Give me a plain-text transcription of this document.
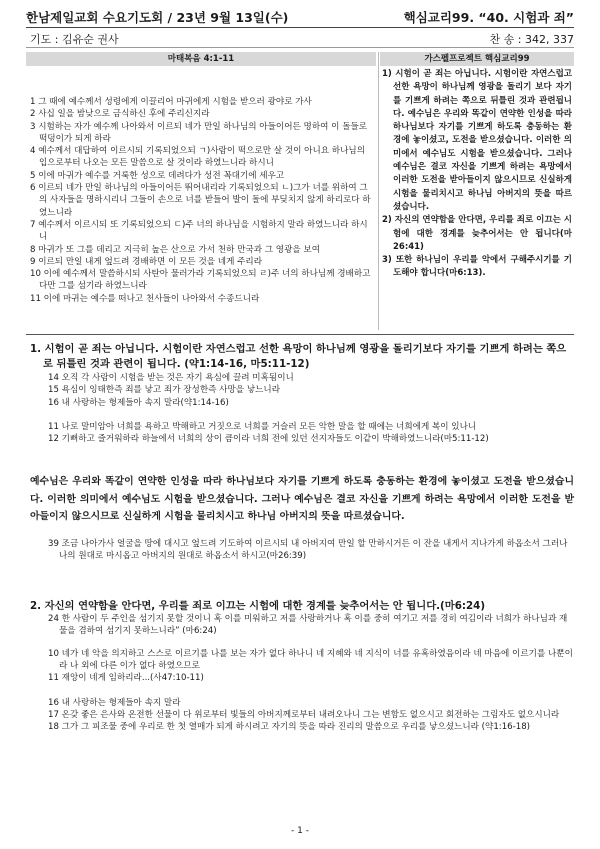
한남제일교회 수요기도회 / 23년 9월 13일(수)	핵심교리99. “40. 시험과 죄”
기도 : 김유순 권사	찬 송 : 342, 337
마태복음 4:1-11	가스펠프로젝트 핵심교리99
1 그 때에 예수께서 성령에게 이끌리어 마귀에게 시험을 받으러 광야로 가사
2 사십 일을 밤낮으로 금식하신 후에 주리신지라
3 시험하는 자가 예수께 나아와서 이르되 네가 만일 하나님의 아들이어든 명하여 이 돌들로 떡덩이가 되게 하라
4 예수께서 대답하여 이르시되 기록되었으되 ㄱ)사람이 떡으로만 살 것이 아니요 하나님의 입으로부터 나오는 모든 말씀으로 살 것이라 하였느니라 하시니
5 이에 마귀가 예수를 거룩한 성으로 데려다가 성전 꼭대기에 세우고
6 이르되 네가 만일 하나님의 아들이어든 뛰어내리라 기록되었으되 ㄴ)그가 너를 위하여 그의 사자들을 명하시리니 그들이 손으로 너를 받들어 발이 돌에 부딪치지 않게 하리로다 하였느니라
7 예수께서 이르시되 또 기록되었으되 ㄷ)주 너의 하나님을 시험하지 말라 하였느니라 하시니
8 마귀가 또 그를 데리고 지극히 높은 산으로 가서 천하 만국과 그 영광을 보여
9 이르되 만일 내게 엎드려 경배하면 이 모든 것을 네게 주리라
10 이에 예수께서 말씀하시되 사탄아 물러가라 기록되었으되 ㄹ)주 너의 하나님께 경배하고 다만 그를 섬기라 하였느니라
11 이에 마귀는 예수를 떠나고 천사들이 나아와서 수종드니라
1) 시험이 곧 죄는 아닙니다. 시험이란 자연스럽고 선한 욕망이 하나님께 영광을 돌리기 보다 자기를 기쁘게 하려는 쪽으로 뒤틀린 것과 관련됩니다. 예수님은 우리와 똑같이 연약한 인성을 따라 하나님보다 자기를 기쁘게 하도록 충동하는 환경에 놓이셨고, 도전을 받으셨습니다. 이러한 의미에서 예수님도 시험을 받으셨습니다. 그러나 예수님은 결코 자신을 기쁘게 하려는 욕망에서 이러한 도전을 받아들이지 않으시므로 신실하게 시험을 물리치시고 하나님 아버지의 뜻을 따르셨습니다.
2) 자신의 연약함을 안다면, 우리를 죄로 이끄는 시험에 대한 경계를 늦추어서는 안 됩니다(마 26:41)
3) 또한 하나님이 우리를 악에서 구해주시기를 기도해야 합니다(마6:13).
1. 시험이 곧 죄는 아닙니다. 시험이란 자연스럽고 선한 욕망이 하나님께 영광을 돌리기보다 자기를 기쁘게 하려는 쪽으로 뒤틀린 것과 관련이 됩니다. (약1:14-16, 마5:11-12)
14 오직 각 사람이 시험을 받는 것은 자기 욕심에 끌려 미혹됨이니
15 욕심이 잉태한즉 죄를 낳고 죄가 장성한즉 사망을 낳느니라
16 내 사랑하는 형제들아 속지 말라(약1:14-16)
11 나로 말미암아 너희를 욕하고 박해하고 거짓으로 너희를 거슬러 모든 악한 말을 할 때에는 너희에게 복이 있나니
12 기뻐하고 즐거워하라 하늘에서 너희의 상이 큼이라 너희 전에 있던 선지자들도 이같이 박해하였느니라(마5:11-12)
예수님은 우리와 똑같이 연약한 인성을 따라 하나님보다 자기를 기쁘게 하도록 충동하는 환경에 놓이셨고 도전을 받으셨습니다. 이러한 의미에서 예수님도 시험을 받으셨습니다. 그러나 예수님은 결코 자신을 기쁘게 하려는 욕망에서 이러한 도전을 받아들이지 않으시므로 신실하게 시험을 물리치시고 하나님 아버지의 뜻을 따르셨습니다.
39 조금 나아가사 얼굴을 땅에 대시고 엎드려 기도하여 이르시되 내 아버지여 만일 할 만하시거든 이 잔을 내게서 지나가게 하옵소서 그러나 나의 원대로 마시옵고 아버지의 원대로 하옵소서 하시고(마26:39)
2. 자신의 연약함을 안다면, 우리를 죄로 이끄는 시험에 대한 경계를 늦추어서는 안 됩니다.(마6:24)
24 한 사람이 두 주인을 섬기지 못할 것이니 혹 이를 미워하고 저를 사랑하거나 혹 이를 중히 여기고 저를 경히 여김이라 너희가 하나님과 재물을 겸하여 섬기지 못하느니라” (마6:24)
10 네가 네 악을 의지하고 스스로 이르기를 나를 보는 자가 없다 하나니 네 지혜와 네 지식이 너를 유혹하였음이라 네 마음에 이르기를 나뿐이라 나 외에 다른 이가 없다 하였으므로
11 재앙이 네게 임하리라...(사47:10-11)
16 내 사랑하는 형제들아 속지 말라
17 온갖 좋은 은사와 온전한 선물이 다 위로부터 빛들의 아버지께로부터 내려오나니 그는 변함도 없으시고 회전하는 그림자도 없으시니라
18 그가 그 피조물 중에 우리로 한 첫 열매가 되게 하시려고 자기의 뜻을 따라 진리의 말씀으로 우리를 낳으셨느니라 (약1:16-18)
- 1 -
